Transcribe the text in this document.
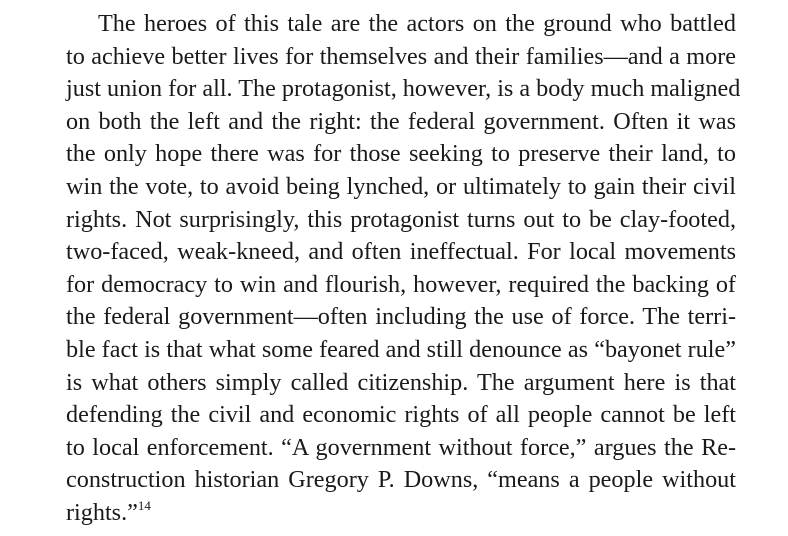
The heroes of this tale are the actors on the ground who battled
to achieve better lives for themselves and their families—and a more
just union for all. The protagonist, however, is a body much maligned
on both the left and the right: the federal government. Often it was
the only hope there was for those seeking to preserve their land, to
win the vote, to avoid being lynched, or ultimately to gain their civil
rights. Not surprisingly, this protagonist turns out to be clay-footed,
two-faced, weak-kneed, and often ineffectual. For local movements
for democracy to win and flourish, however, required the backing of
the federal government—often including the use of force. The terri-
ble fact is that what some feared and still denounce as “bayonet rule”
is what others simply called citizenship. The argument here is that
defending the civil and economic rights of all people cannot be left
to local enforcement. “A government without force,” argues the Re-
construction historian Gregory P. Downs, “means a people without
rights.”$^{14}$
